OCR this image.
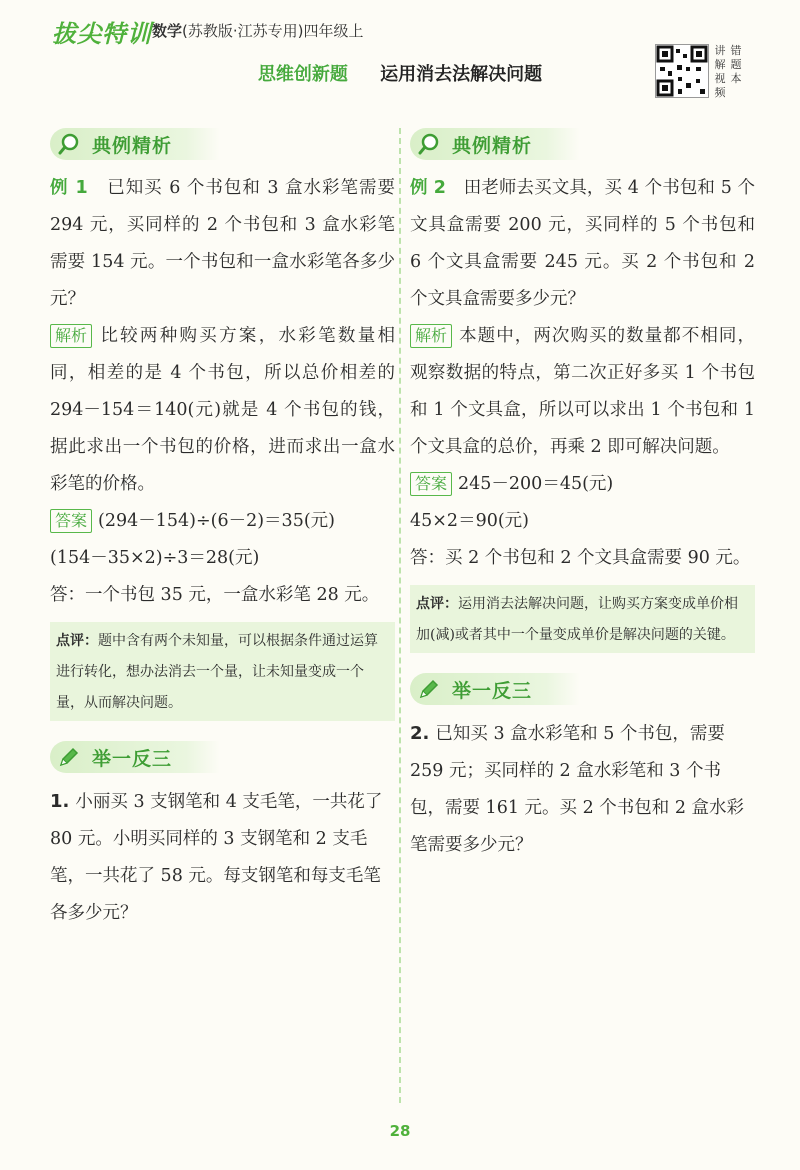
拔尖特训 数学(苏教版·江苏专用)四年级上
思维创新题 运用消去法解决问题
讲 错
解 题
视 本
频
典例精析
例 1　 已知买 6 个书包和 3 盒水彩笔需要 294 元，买同样的 2 个书包和 3 盒水彩笔需要 154 元。一个书包和一盒水彩笔各多少元？
解析 比较两种购买方案，水彩笔数量相同，相差的是 4 个书包，所以总价相差的 294－154＝140(元)就是 4 个书包的钱，据此求出一个书包的价格，进而求出一盒水彩笔的价格。
答案 (294－154)÷(6－2)＝35(元)
(154－35×2)÷3＝28(元)
答：一个书包 35 元，一盒水彩笔 28 元。
点评：题中含有两个未知量，可以根据条件通过运算进行转化，想办法消去一个量，让未知量变成一个量，从而解决问题。
举一反三
1. 小丽买 3 支钢笔和 4 支毛笔，一共花了 80 元。小明买同样的 3 支钢笔和 2 支毛笔，一共花了 58 元。每支钢笔和每支毛笔各多少元？
典例精析
例 2　 田老师去买文具，买 4 个书包和 5 个文具盒需要 200 元，买同样的 5 个书包和 6 个文具盒需要 245 元。买 2 个书包和 2 个文具盒需要多少元？
解析 本题中，两次购买的数量都不相同，观察数据的特点，第二次正好多买 1 个书包和 1 个文具盒，所以可以求出 1 个书包和 1 个文具盒的总价，再乘 2 即可解决问题。
答案 245－200＝45(元)
45×2＝90(元)
答：买 2 个书包和 2 个文具盒需要 90 元。
点评：运用消去法解决问题，让购买方案变成单价相加(减)或者其中一个量变成单价是解决问题的关键。
举一反三
2. 已知买 3 盒水彩笔和 5 个书包，需要 259 元；买同样的 2 盒水彩笔和 3 个书包，需要 161 元。买 2 个书包和 2 盒水彩笔需要多少元？
28
